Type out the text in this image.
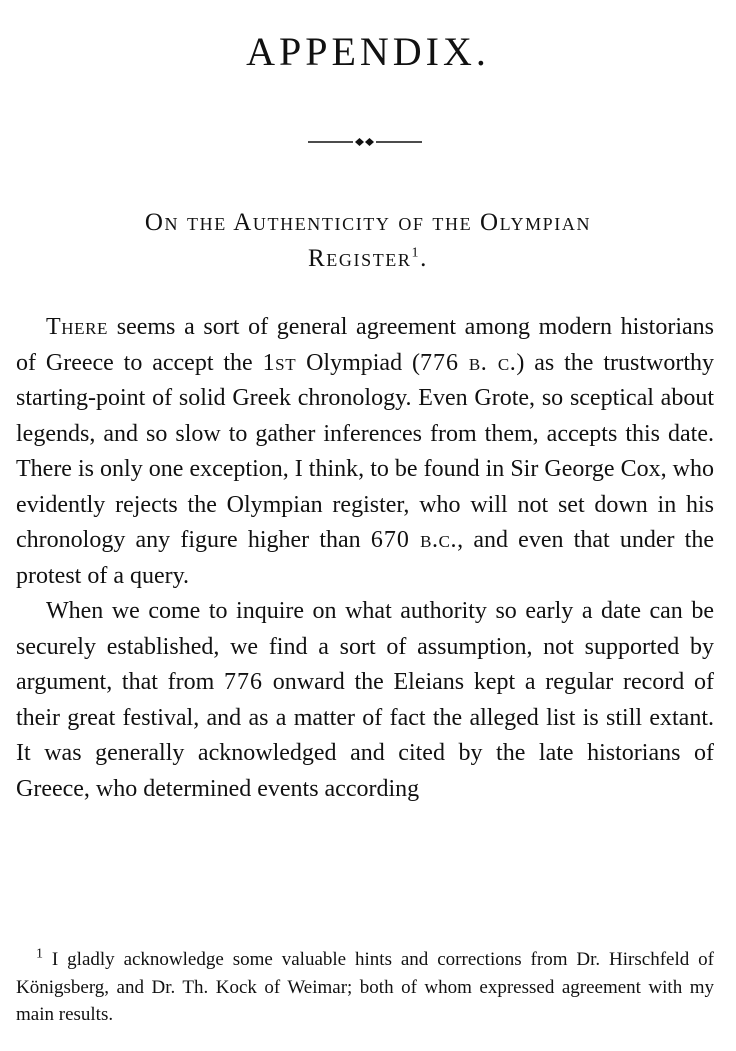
APPENDIX.
On the Authenticity of the Olympian
Register$^1$.

There seems a sort of general agreement among modern historians of Greece to accept the 1st Olympiad (776 b. c.) as the trustworthy starting-point of solid Greek chronology. Even Grote, so sceptical about legends, and so slow to gather inferences from them, accepts this date. There is only one exception, I think, to be found in Sir George Cox, who evidently rejects the Olympian register, who will not set down in his chronology any figure higher than 670 b.c., and even that under the protest of a query.

When we come to inquire on what authority so early a date can be securely established, we find a sort of assumption, not supported by argument, that from 776 onward the Eleians kept a regular record of their great festival, and as a matter of fact the alleged list is still extant. It was generally acknowledged and cited by the late historians of Greece, who determined events according

$^1$ I gladly acknowledge some valuable hints and corrections from Dr. Hirschfeld of Königsberg, and Dr. Th. Kock of Weimar; both of whom expressed agreement with my main results.
